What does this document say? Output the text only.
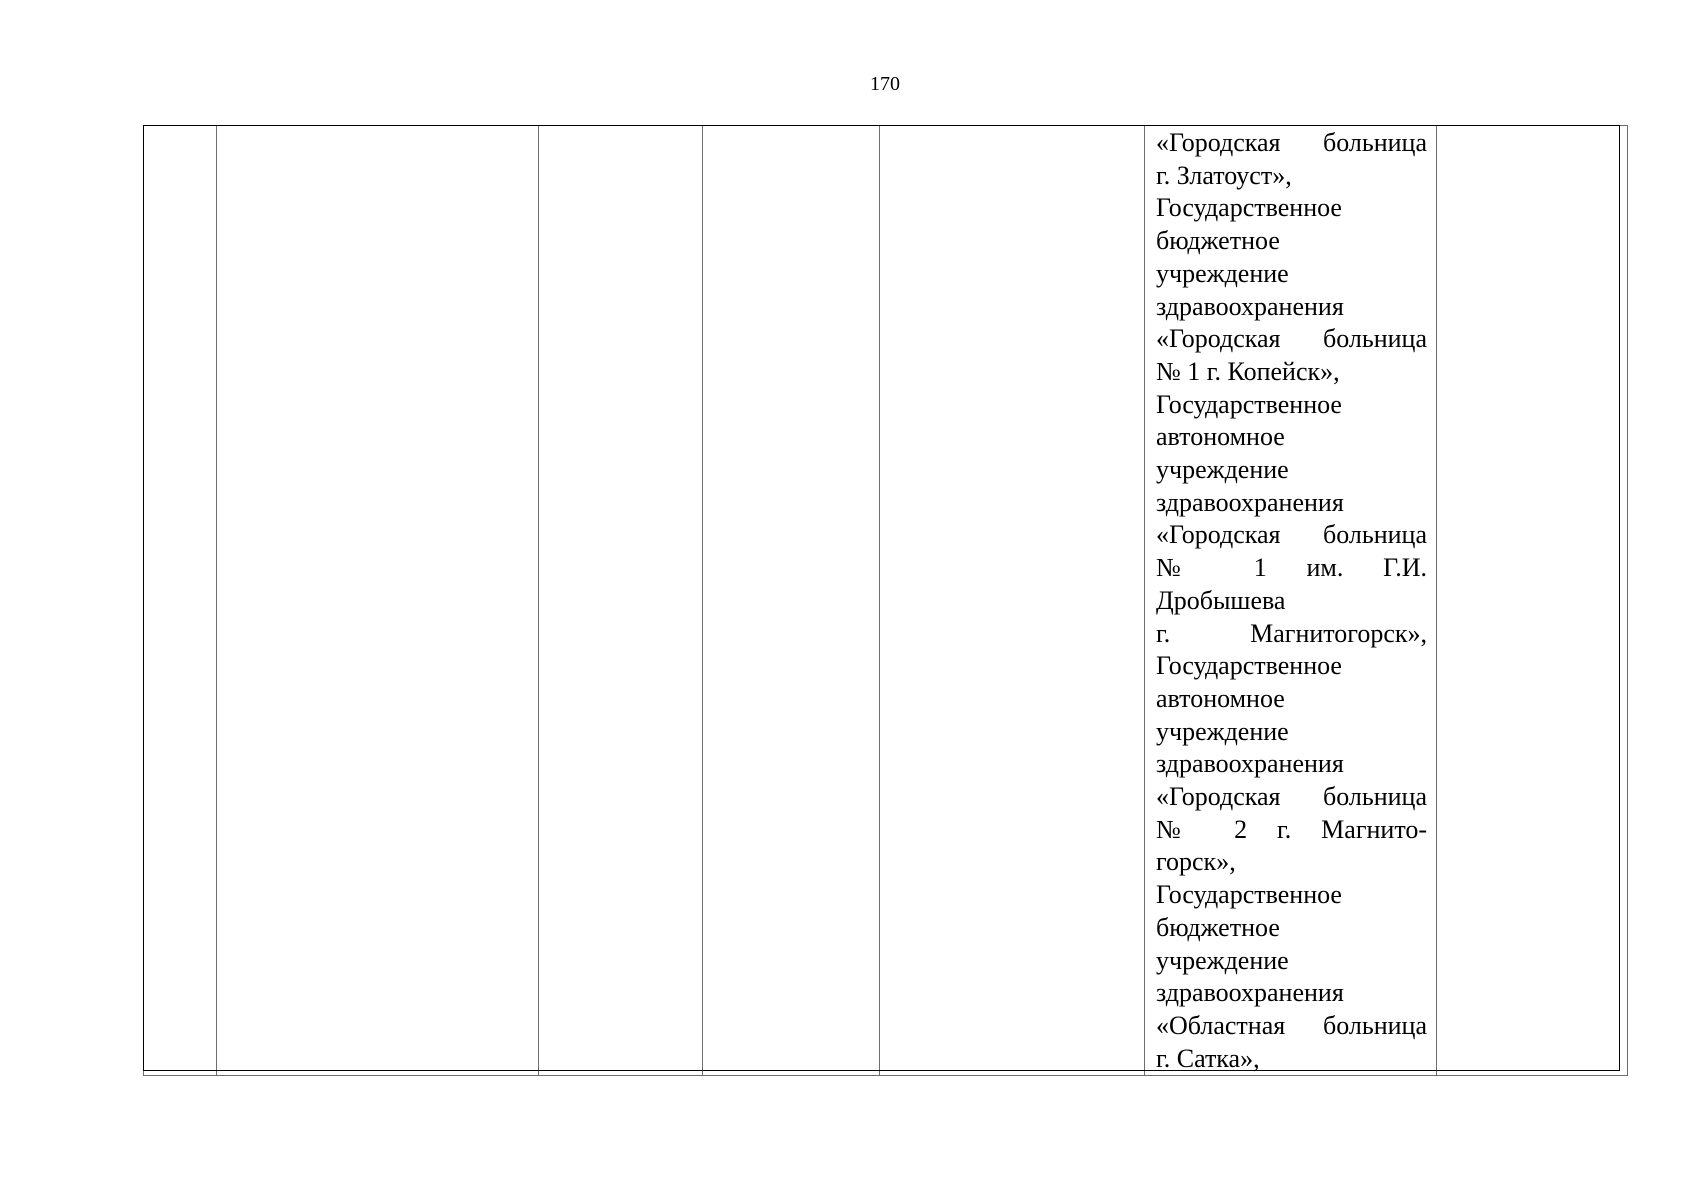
170

«Городская больница
г. Златоуст»,
Государственное
бюджетное
учреждение
здравоохранения
«Городская больница
№ 1 г. Копейск»,
Государственное
автономное
учреждение
здравоохранения
«Городская больница
№ 1 им. Г.И.
Дробышева
г. Магнитогорск»,
Государственное
автономное
учреждение
здравоохранения
«Городская больница
№ 2 г. Магнито-
горск»,
Государственное
бюджетное
учреждение
здравоохранения
«Областная больница
г. Сатка»,
